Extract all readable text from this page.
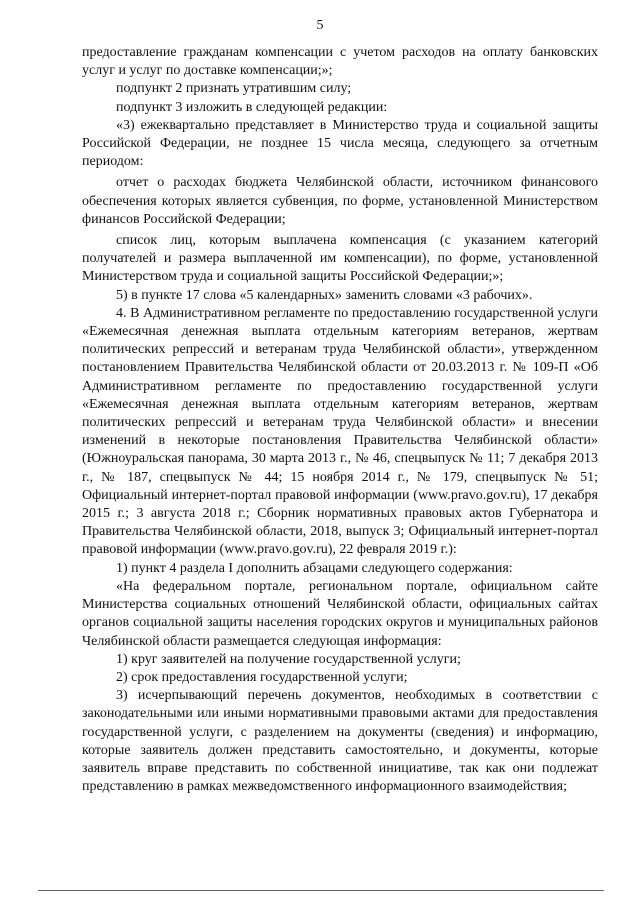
5

предоставление гражданам компенсации с учетом расходов на оплату банковских услуг и услуг по доставке компенсации;»;

подпункт 2 признать утратившим силу;

подпункт 3 изложить в следующей редакции:

«3) ежеквартально представляет в Министерство труда и социальной защиты Российской Федерации, не позднее 15 числа месяца, следующего за отчетным периодом:

отчет о расходах бюджета Челябинской области, источником финансового обеспечения которых является субвенция, по форме, установленной Министерством финансов Российской Федерации;

список лиц, которым выплачена компенсация (с указанием категорий получателей и размера выплаченной им компенсации), по форме, установленной Министерством труда и социальной защиты Российской Федерации;»;

5) в пункте 17 слова «5 календарных» заменить словами «3 рабочих».

4. В Административном регламенте по предоставлению государственной услуги «Ежемесячная денежная выплата отдельным категориям ветеранов, жертвам политических репрессий и ветеранам труда Челябинской области», утвержденном постановлением Правительства Челябинской области от 20.03.2013 г. № 109-П «Об Административном регламенте по предоставлению государственной услуги «Ежемесячная денежная выплата отдельным категориям ветеранов, жертвам политических репрессий и ветеранам труда Челябинской области» и внесении изменений в некоторые постановления Правительства Челябинской области» (Южноуральская панорама, 30 марта 2013 г., № 46, спецвыпуск № 11; 7 декабря 2013 г., № 187, спецвыпуск № 44; 15 ноября 2014 г., № 179, спецвыпуск № 51; Официальный интернет-портал правовой информации (www.pravo.gov.ru), 17 декабря 2015 г.; 3 августа 2018 г.; Сборник нормативных правовых актов Губернатора и Правительства Челябинской области, 2018, выпуск 3; Официальный интернет-портал правовой информации (www.pravo.gov.ru), 22 февраля 2019 г.):

1) пункт 4 раздела I дополнить абзацами следующего содержания:

«На федеральном портале, региональном портале, официальном сайте Министерства социальных отношений Челябинской области, официальных сайтах органов социальной защиты населения городских округов и муниципальных районов Челябинской области размещается следующая информация:

1) круг заявителей на получение государственной услуги;

2) срок предоставления государственной услуги;

3) исчерпывающий перечень документов, необходимых в соответствии с законодательными или иными нормативными правовыми актами для предоставления государственной услуги, с разделением на документы (сведения) и информацию, которые заявитель должен представить самостоятельно, и документы, которые заявитель вправе представить по собственной инициативе, так как они подлежат представлению в рамках межведомственного информационного взаимодействия;
